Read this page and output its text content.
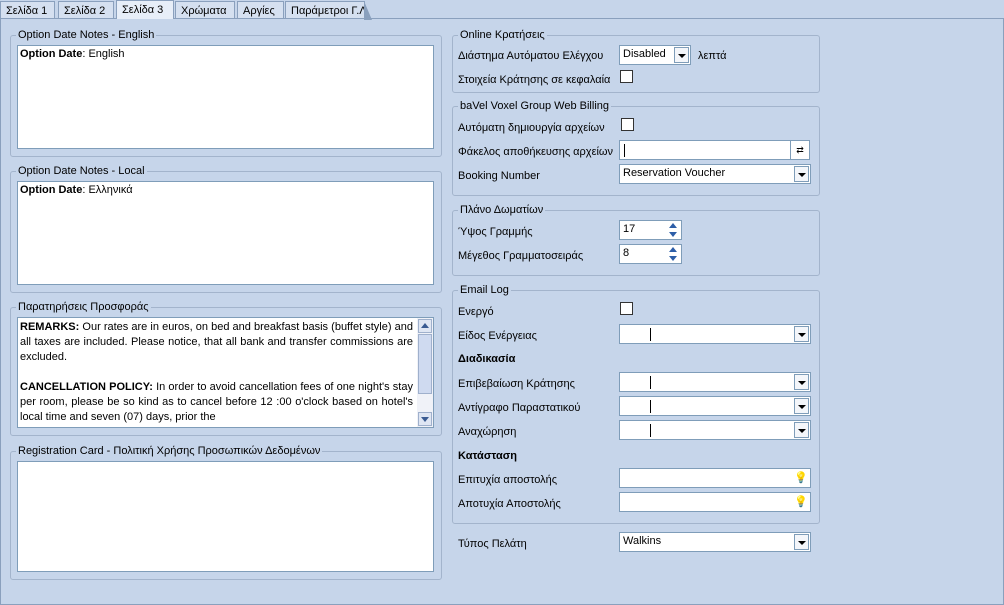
Σελίδα 1	Σελίδα 2	Σελίδα 3	Χρώματα	Αργίες	Παράμετροι Γ.Λ
Option Date Notes - English
Option Date: English
Option Date Notes - Local
Option Date: Ελληνικά
Παρατηρήσεις Προσφοράς
REMARKS: Our rates are in euros, on bed and breakfast basis (buffet style) and all taxes are included. Please notice, that all bank and transfer commissions are excluded.
CANCELLATION POLICY: In order to avoid cancellation fees of one night's stay per room, please be so kind as to cancel before 12 :00 o'clock based on hotel's local time and seven (07) days, prior the
Registration Card - Πολιτική Χρήσης Προσωπικών Δεδομένων
Online Κρατήσεις
Διάστημα Αυτόματου Ελέγχου	Disabled	λεπτά
Στοιχεία Κράτησης σε κεφαλαία
baVel Voxel Group Web Billing
Αυτόματη δημιουργία αρχείων
Φάκελος αποθήκευσης αρχείων	⇄
Booking Number	Reservation Voucher
Πλάνο Δωματίων
Ύψος Γραμμής	17
Μέγεθος Γραμματοσειράς	8
Email Log
Ενεργό
Είδος Ενέργειας
Διαδικασία
Επιβεβαίωση Κράτησης
Αντίγραφο Παραστατικού
Αναχώρηση
Κατάσταση
Επιτυχία αποστολής	💡
Αποτυχία Αποστολής	💡
Τύπος Πελάτη	Walkins
